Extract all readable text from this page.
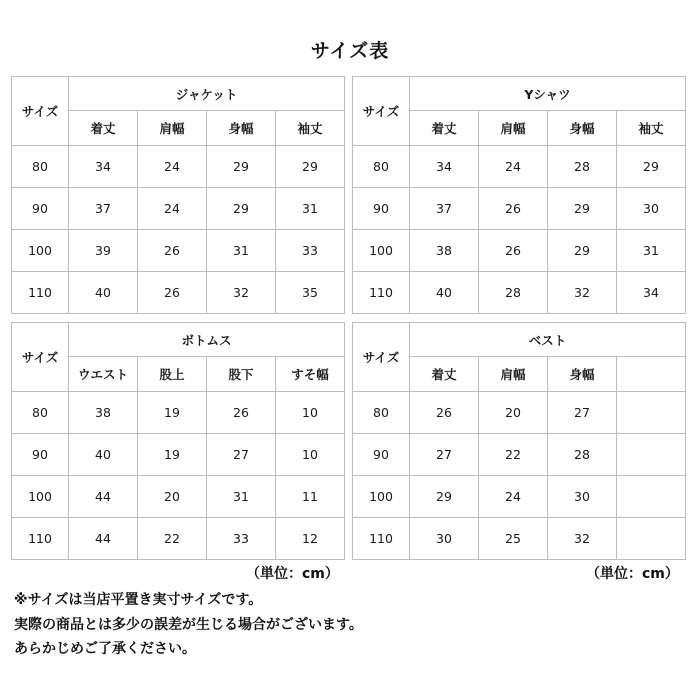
サイズ表
サイズ	ジャケット			
	着丈	肩幅	身幅	袖丈
80	34	24	29	29
90	37	24	29	31
100	39	26	31	33
110	40	26	32	35
サイズ	Yシャツ			
	着丈	肩幅	身幅	袖丈
80	34	24	28	29
90	37	26	29	30
100	38	26	29	31
110	40	28	32	34
サイズ	ボトムス			
	ウエスト	股上	股下	すそ幅
80	38	19	26	10
90	40	19	27	10
100	44	20	31	11
110	44	22	33	12
サイズ	ベスト			
	着丈	肩幅	身幅	
80	26	20	27	
90	27	22	28	
100	29	24	30	
110	30	25	32	
（単位：cm）	（単位：cm）
※サイズは当店平置き実寸サイズです。
実際の商品とは多少の誤差が生じる場合がございます。
あらかじめご了承ください。
